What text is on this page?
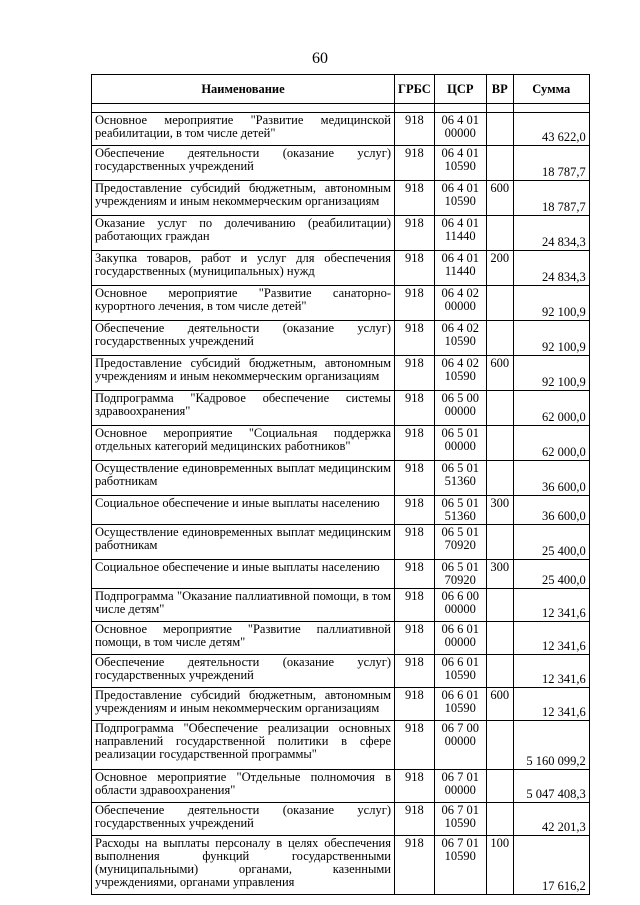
60
Наименование	ГРБС	ЦСР	ВР	Сумма

Основное мероприятие "Развитие медицинской реабилитации, в том числе детей"	918	06 4 01 00000		43 622,0
Обеспечение деятельности (оказание услуг) государственных учреждений	918	06 4 01 10590		18 787,7
Предоставление субсидий бюджетным, автономным учреждениям и иным некоммерческим организациям	918	06 4 01 10590	600	18 787,7
Оказание услуг по долечиванию (реабилитации) работающих граждан	918	06 4 01 11440		24 834,3
Закупка товаров, работ и услуг для обеспечения государственных (муниципальных) нужд	918	06 4 01 11440	200	24 834,3
Основное мероприятие "Развитие санаторно-курортного лечения, в том числе детей"	918	06 4 02 00000		92 100,9
Обеспечение деятельности (оказание услуг) государственных учреждений	918	06 4 02 10590		92 100,9
Предоставление субсидий бюджетным, автономным учреждениям и иным некоммерческим организациям	918	06 4 02 10590	600	92 100,9
Подпрограмма "Кадровое обеспечение системы здравоохранения"	918	06 5 00 00000		62 000,0
Основное мероприятие "Социальная поддержка отдельных категорий медицинских работников"	918	06 5 01 00000		62 000,0
Осуществление единовременных выплат медицинским работникам	918	06 5 01 51360		36 600,0
Социальное обеспечение и иные выплаты населению	918	06 5 01 51360	300	36 600,0
Осуществление единовременных выплат медицинским работникам	918	06 5 01 70920		25 400,0
Социальное обеспечение и иные выплаты населению	918	06 5 01 70920	300	25 400,0
Подпрограмма "Оказание паллиативной помощи, в том числе детям"	918	06 6 00 00000		12 341,6
Основное мероприятие "Развитие паллиативной помощи, в том числе детям"	918	06 6 01 00000		12 341,6
Обеспечение деятельности (оказание услуг) государственных учреждений	918	06 6 01 10590		12 341,6
Предоставление субсидий бюджетным, автономным учреждениям и иным некоммерческим организациям	918	06 6 01 10590	600	12 341,6
Подпрограмма "Обеспечение реализации основных направлений государственной политики в сфере реализации государственной программы"	918	06 7 00 00000		5 160 099,2
Основное мероприятие "Отдельные полномочия в области здравоохранения"	918	06 7 01 00000		5 047 408,3
Обеспечение деятельности (оказание услуг) государственных учреждений	918	06 7 01 10590		42 201,3
Расходы на выплаты персоналу в целях обеспечения выполнения функций государственными (муниципальными) органами, казенными учреждениями, органами управления	918	06 7 01 10590	100	17 616,2
